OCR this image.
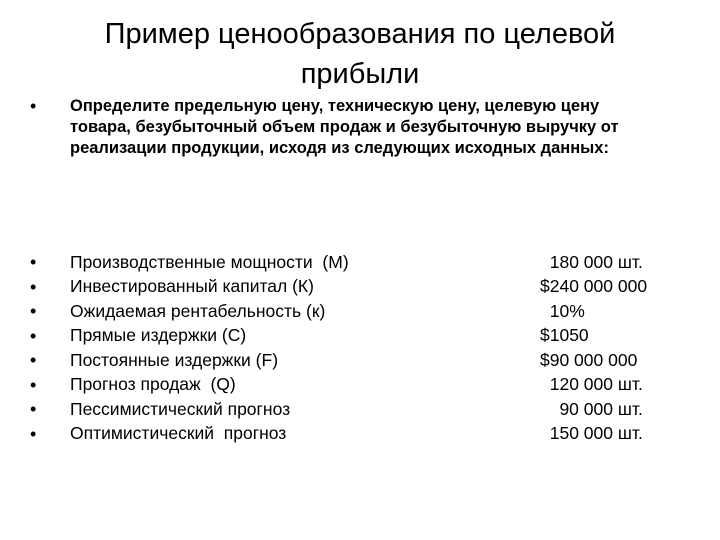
Пример ценообразования по целевой
прибыли
•	Определите предельную цену, техническую цену, целевую цену товара, безубыточный объем продаж и безубыточную выручку от реализации продукции, исходя из следующих исходных данных:
•	Производственные мощности  (М)	180 000 шт.
•	Инвестированный капитал (К)	$240 000 000
•	Ожидаемая рентабельность (к)	10%
•	Прямые издержки (С)	$1050
•	Постоянные издержки (F)	$90 000 000
•	Прогноз продаж  (Q)	120 000 шт.
•	Пессимистический прогноз	90 000 шт.
•	Оптимистический  прогноз	150 000 шт.
